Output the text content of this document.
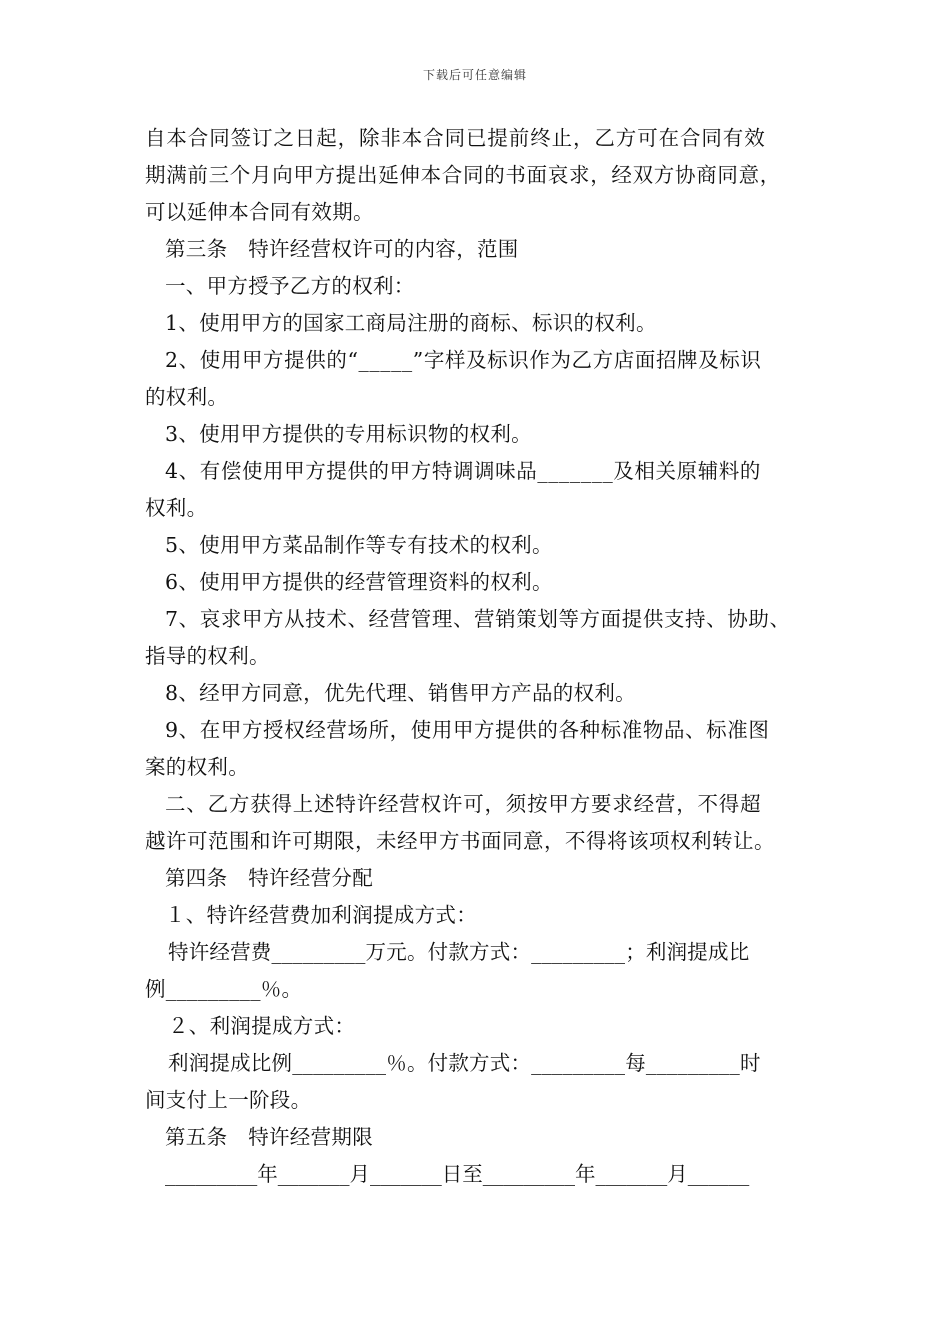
下载后可任意编辑
自本合同签订之日起，除非本合同已提前终止，乙方可在合同有效
期满前三个月向甲方提出延伸本合同的书面哀求，经双方协商同意，
可以延伸本合同有效期。
第三条　特许经营权许可的内容，范围
一、甲方授予乙方的权利：
1、使用甲方的国家工商局注册的商标、标识的权利。
2、使用甲方提供的“_____”字样及标识作为乙方店面招牌及标识
的权利。
3、使用甲方提供的专用标识物的权利。
4、有偿使用甲方提供的甲方特调调味品_______及相关原辅料的
权利。
5、使用甲方菜品制作等专有技术的权利。
6、使用甲方提供的经营管理资料的权利。
7、哀求甲方从技术、经营管理、营销策划等方面提供支持、协助、
指导的权利。
8、经甲方同意，优先代理、销售甲方产品的权利。
9、在甲方授权经营场所，使用甲方提供的各种标准物品、标准图
案的权利。
二、乙方获得上述特许经营权许可，须按甲方要求经营，不得超
越许可范围和许可期限，未经甲方书面同意，不得将该项权利转让。
第四条　特许经营分配
１、特许经营费加利润提成方式：
特许经营费_________万元。付款方式：_________；利润提成比
例_________％。
２、利润提成方式：
利润提成比例_________％。付款方式：_________每_________时
间支付上一阶段。
第五条　特许经营期限
_________年_______月_______日至_________年_______月______
